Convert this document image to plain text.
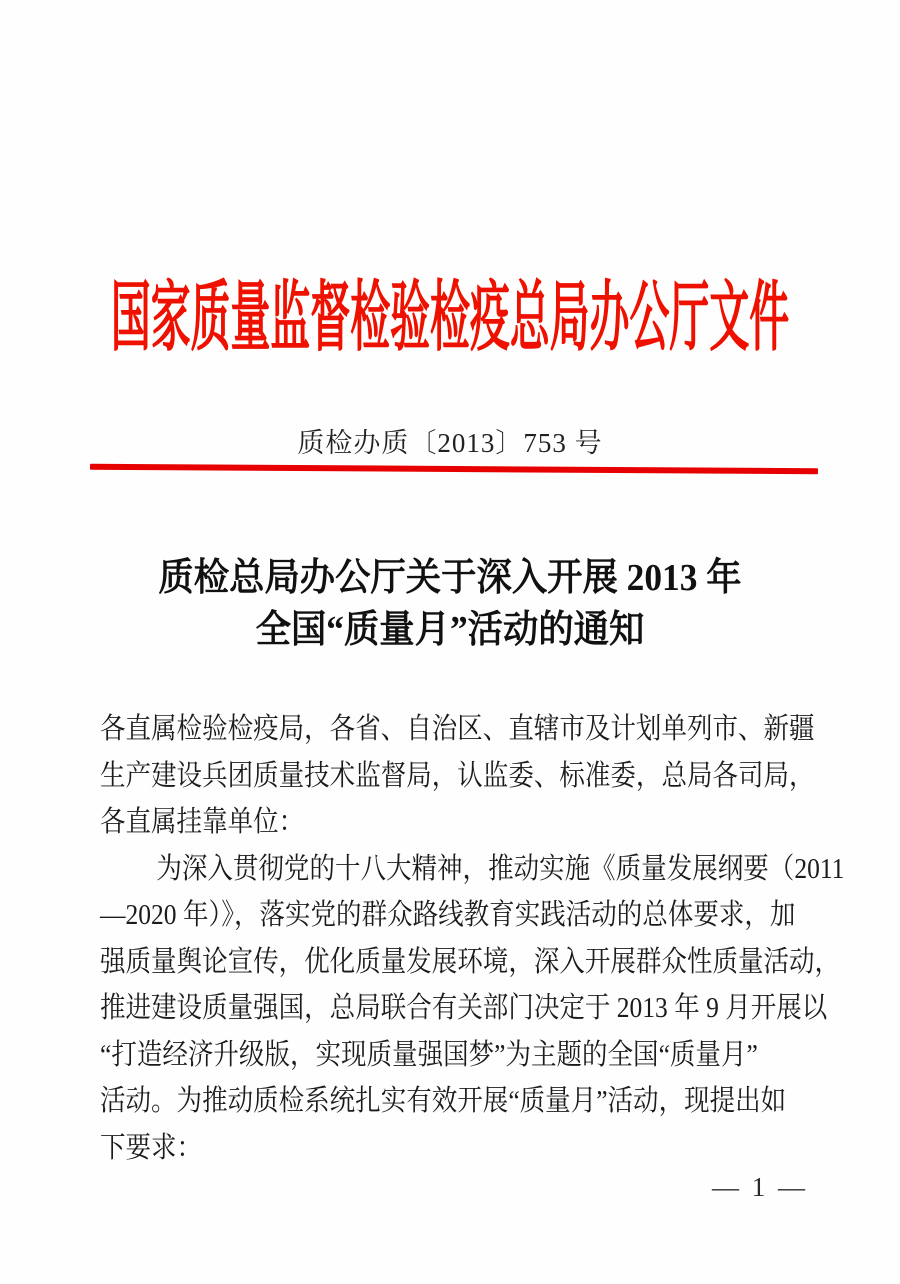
国家质量监督检验检疫总局办公厅文件
质检办质〔2013〕753 号
质检总局办公厅关于深入开展 2013 年
全国“质量月”活动的通知
各直属检验检疫局，各省、自治区、直辖市及计划单列市、新疆
生产建设兵团质量技术监督局，认监委、标准委，总局各司局，
各直属挂靠单位：
为深入贯彻党的十八大精神，推动实施《质量发展纲要（2011
—2020 年）》，落实党的群众路线教育实践活动的总体要求，加
强质量舆论宣传，优化质量发展环境，深入开展群众性质量活动，
推进建设质量强国，总局联合有关部门决定于 2013 年 9 月开展以
“打造经济升级版，实现质量强国梦”为主题的全国“质量月”
活动。为推动质检系统扎实有效开展“质量月”活动，现提出如
下要求：
— 1 —
